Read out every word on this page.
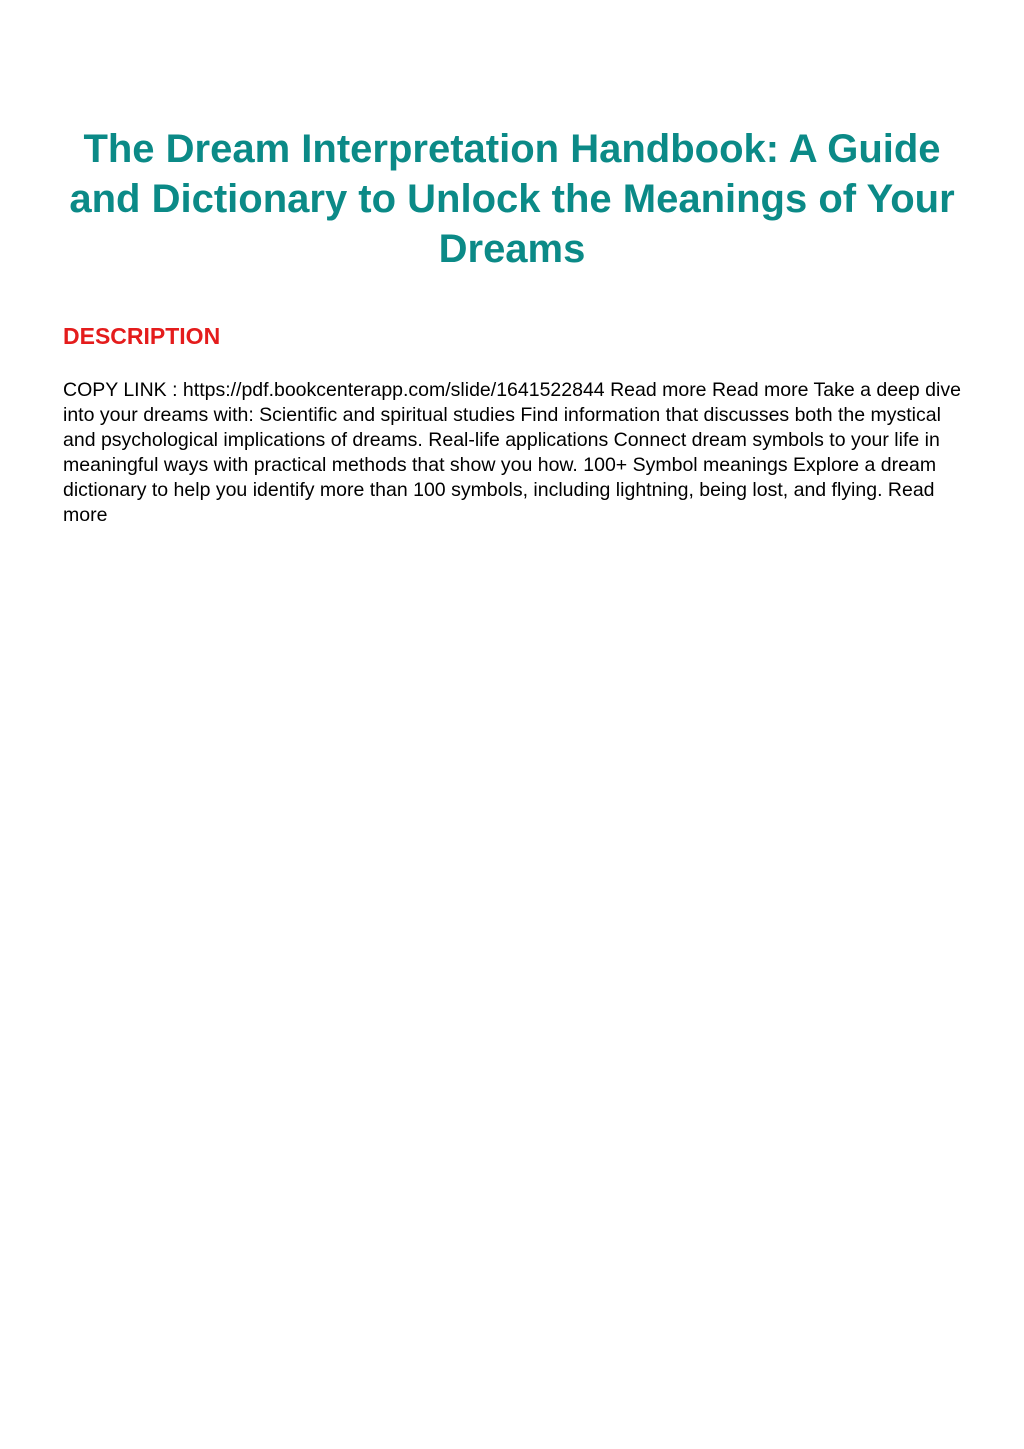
The Dream Interpretation Handbook: A Guide and Dictionary to Unlock the Meanings of Your Dreams
DESCRIPTION

COPY LINK : https://pdf.bookcenterapp.com/slide/1641522844 Read more Read more Take a deep dive into your dreams with: Scientific and spiritual studies Find information that discusses both the mystical and psychological implications of dreams. Real-life applications Connect dream symbols to your life in meaningful ways with practical methods that show you how. 100+ Symbol meanings Explore a dream dictionary to help you identify more than 100 symbols, including lightning, being lost, and flying. Read more
